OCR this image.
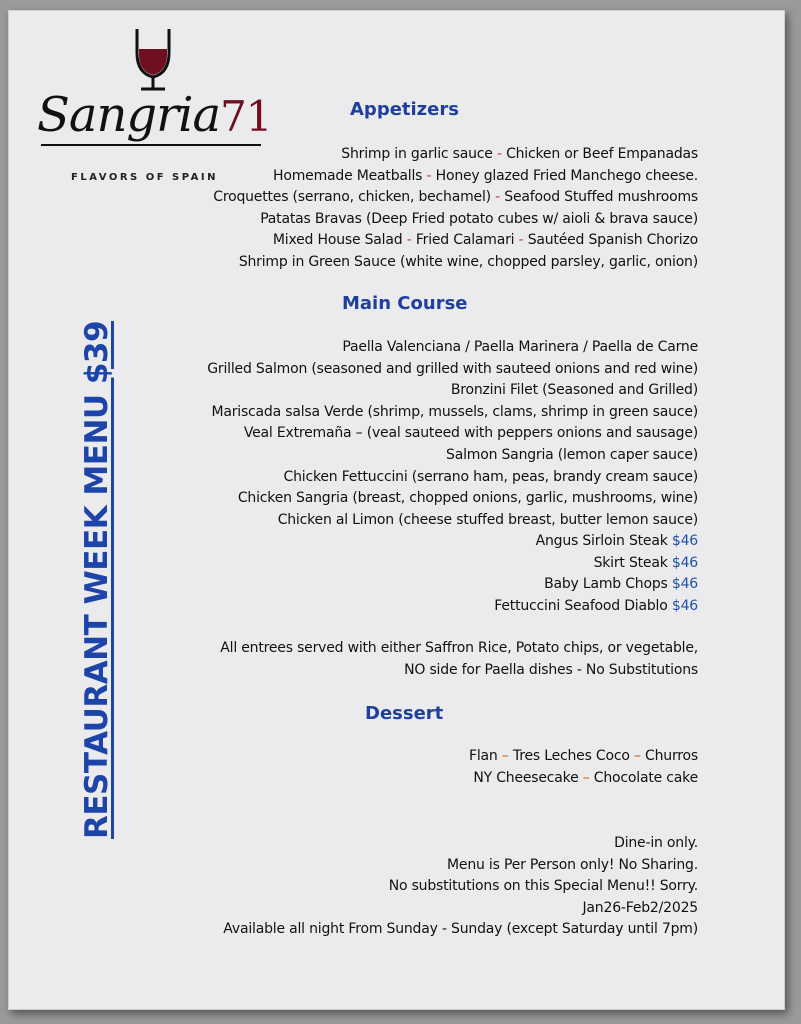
Sangria71
FLAVORS OF SPAIN
RESTAURANT WEEK MENU $39
Appetizers
Shrimp in garlic sauce - Chicken or Beef Empanadas
Homemade Meatballs - Honey glazed Fried Manchego cheese.
Croquettes (serrano, chicken, bechamel) - Seafood Stuffed mushrooms
Patatas Bravas (Deep Fried potato cubes w/ aioli & brava sauce)
Mixed House Salad - Fried Calamari - Sautéed Spanish Chorizo
Shrimp in Green Sauce (white wine, chopped parsley, garlic, onion)
Main Course
Paella Valenciana / Paella Marinera / Paella de Carne
Grilled Salmon (seasoned and grilled with sauteed onions and red wine)
Bronzini Filet (Seasoned and Grilled)
Mariscada salsa Verde (shrimp, mussels, clams, shrimp in green sauce)
Veal Extremaña – (veal sauteed with peppers onions and sausage)
Salmon Sangria (lemon caper sauce)
Chicken Fettuccini (serrano ham, peas, brandy cream sauce)
Chicken Sangria (breast, chopped onions, garlic, mushrooms, wine)
Chicken al Limon (cheese stuffed breast, butter lemon sauce)
Angus Sirloin Steak $46
Skirt Steak $46
Baby Lamb Chops $46
Fettuccini Seafood Diablo $46
All entrees served with either Saffron Rice, Potato chips, or vegetable,
NO side for Paella dishes - No Substitutions
Dessert
Flan – Tres Leches Coco – Churros
NY Cheesecake – Chocolate cake
Dine-in only.
Menu is Per Person only! No Sharing.
No substitutions on this Special Menu!! Sorry.
Jan26-Feb2/2025
Available all night From Sunday - Sunday (except Saturday until 7pm)
